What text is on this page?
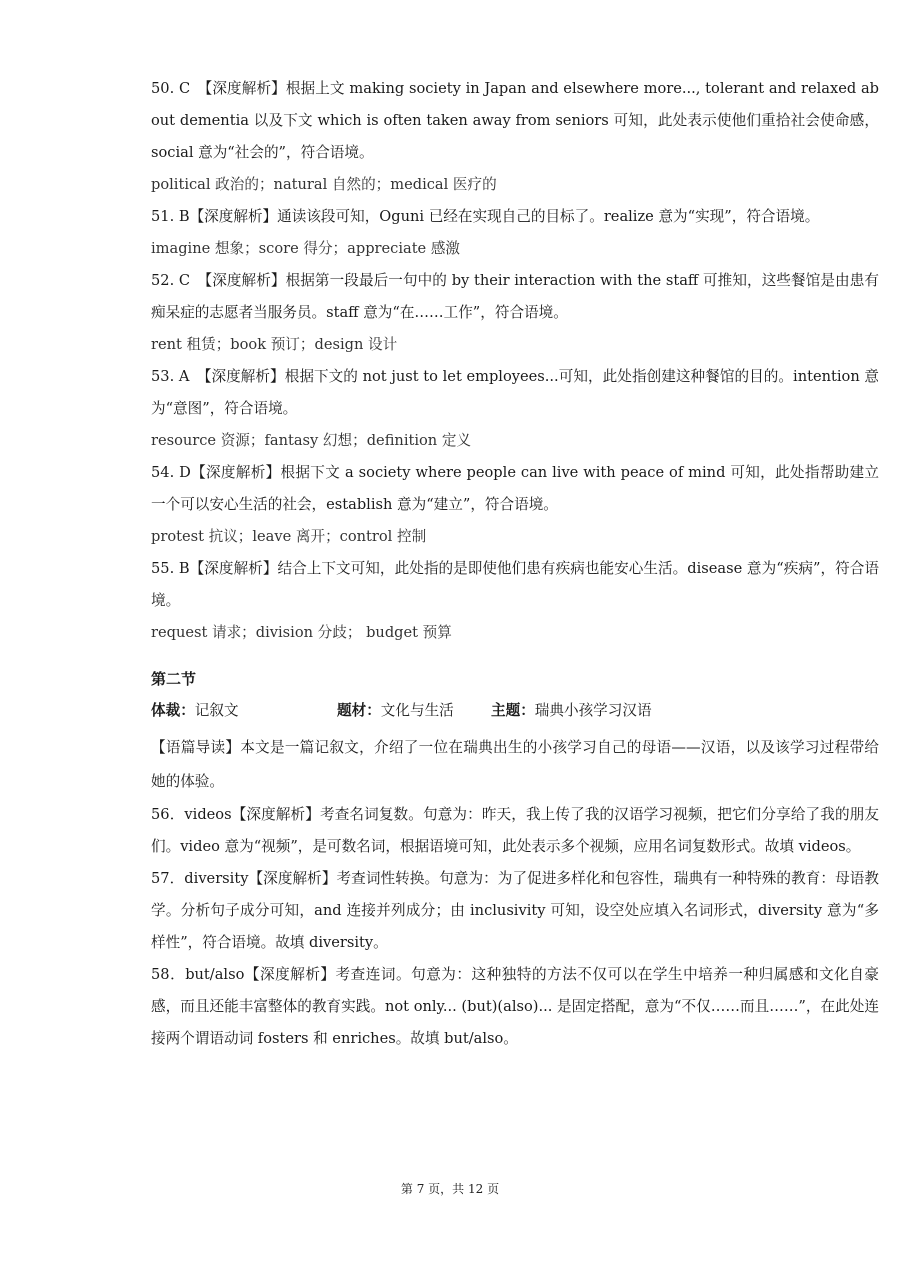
50. C　【深度解析】根据上文 making society in Japan and elsewhere more..., tolerant and relaxed about dementia 以及下文 which is often taken away from seniors 可知，此处表示使他们重拾社会使命感，social 意为“社会的”，符合语境。

political 政治的；natural 自然的；medical 医疗的

51. B【深度解析】通读该段可知，Oguni 已经在实现自己的目标了。realize 意为“实现”，符合语境。

imagine 想象；score 得分；appreciate 感激

52. C　【深度解析】根据第一段最后一句中的 by their interaction with the staff 可推知，这些餐馆是由患有痴呆症的志愿者当服务员。staff 意为“在……工作”，符合语境。

rent 租赁；book 预订；design 设计

53. A　【深度解析】根据下文的 not just to let employees...可知，此处指创建这种餐馆的目的。intention 意为“意图”，符合语境。

resource 资源；fantasy 幻想；definition 定义

54. D【深度解析】根据下文 a society where people can live with peace of mind 可知，此处指帮助建立一个可以安心生活的社会，establish 意为“建立”，符合语境。

protest 抗议；leave 离开；control 控制

55. B【深度解析】结合上下文可知，此处指的是即使他们患有疾病也能安心生活。disease 意为“疾病”，符合语境。

request 请求；division 分歧； budget 预算

第二节

体裁：记叙文	题材：文化与生活	主题：瑞典小孩学习汉语

【语篇导读】本文是一篇记叙文，介绍了一位在瑞典出生的小孩学习自己的母语——汉语，以及该学习过程带给她的体验。

56．videos【深度解析】考查名词复数。句意为：昨天，我上传了我的汉语学习视频，把它们分享给了我的朋友们。video 意为“视频”，是可数名词，根据语境可知，此处表示多个视频，应用名词复数形式。故填 videos。

57．diversity【深度解析】考查词性转换。句意为：为了促进多样化和包容性，瑞典有一种特殊的教育：母语教学。分析句子成分可知，and 连接并列成分；由 inclusivity 可知，设空处应填入名词形式，diversity 意为“多样性”，符合语境。故填 diversity。

58．but/also【深度解析】考查连词。句意为：这种独特的方法不仅可以在学生中培养一种归属感和文化自豪感，而且还能丰富整体的教育实践。not only... (but)(also)... 是固定搭配，意为“不仅……而且……”，在此处连接两个谓语动词 fosters 和 enriches。故填 but/also。

第 7 页，共 12 页
